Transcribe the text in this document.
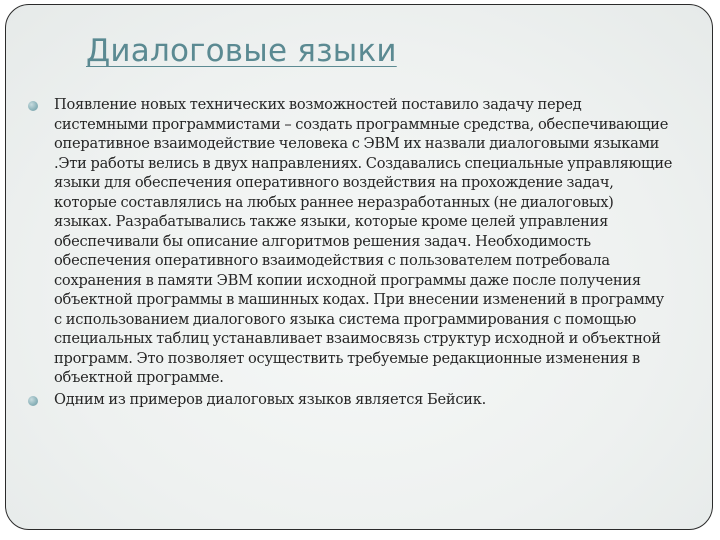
Диалоговые языки
Появление новых технических возможностей поставило задачу перед системными программистами – создать программные средства, обеспечивающие оперативное взаимодействие человека с ЭВМ их назвали диалоговыми языками .Эти работы велись в двух направлениях. Создавались специальные управляющие языки для обеспечения оперативного воздействия на прохождение задач, которые составлялись на любых раннее неразработанных (не диалоговых) языках. Разрабатывались также языки, которые кроме целей управления обеспечивали бы описание алгоритмов решения задач. Необходимость обеспечения оперативного взаимодействия с пользователем потребовала сохранения в памяти ЭВМ копии исходной программы даже после получения объектной программы в машинных кодах. При внесении изменений в программу с использованием диалогового языка система программирования с помощью специальных таблиц устанавливает взаимосвязь структур исходной и объектной программ. Это позволяет осуществить требуемые редакционные изменения в объектной программе.
Одним из примеров диалоговых языков является Бейсик.
